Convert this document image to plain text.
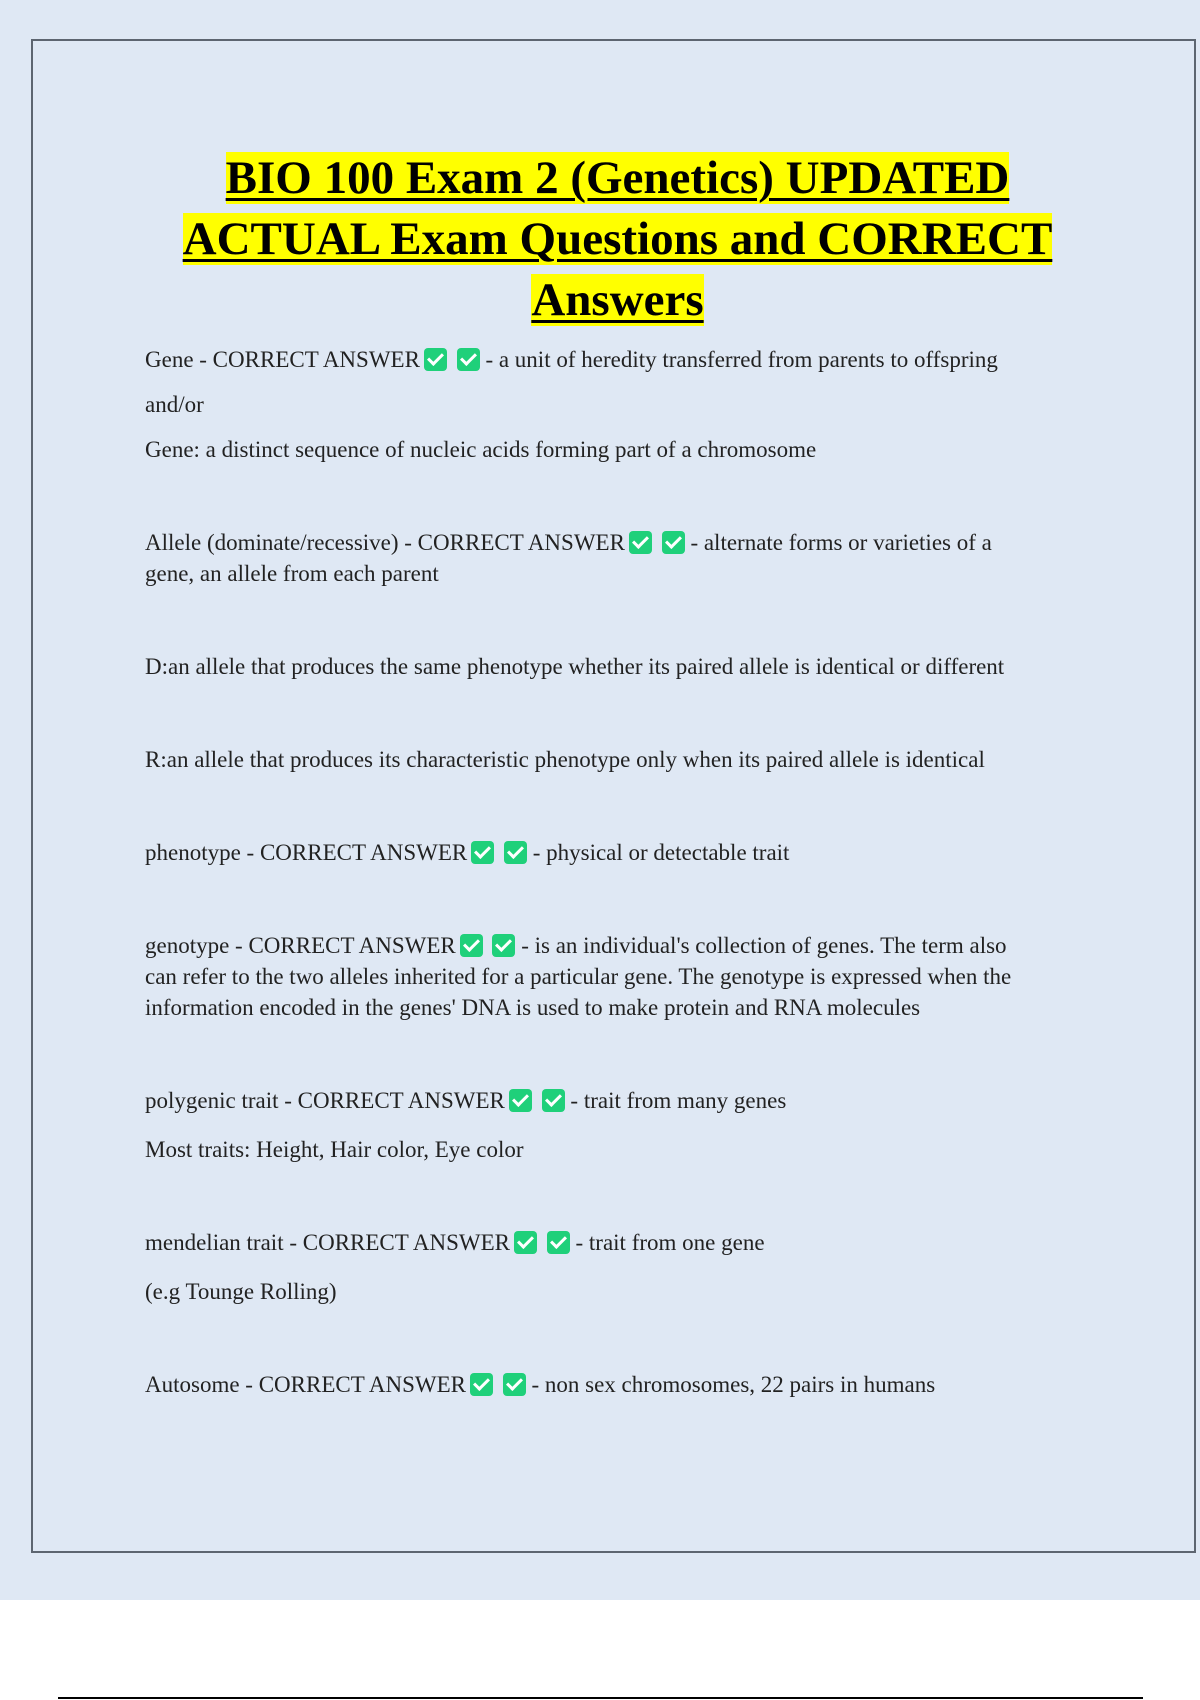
BIO 100 Exam 2 (Genetics) UPDATED
ACTUAL Exam Questions and CORRECT
Answers

Gene - CORRECT ANSWER	- a unit of heredity transferred from parents to offspring

and/or

Gene: a distinct sequence of nucleic acids forming part of a chromosome

Allele (dominate/recessive) - CORRECT ANSWER	- alternate forms or varieties of a

gene, an allele from each parent

D:an allele that produces the same phenotype whether its paired allele is identical or different

R:an allele that produces its characteristic phenotype only when its paired allele is identical

phenotype - CORRECT ANSWER	- physical or detectable trait

genotype - CORRECT ANSWER	- is an individual's collection of genes. The term also

can refer to the two alleles inherited for a particular gene. The genotype is expressed when the

information encoded in the genes' DNA is used to make protein and RNA molecules

polygenic trait - CORRECT ANSWER	- trait from many genes

Most traits: Height, Hair color, Eye color

mendelian trait - CORRECT ANSWER	- trait from one gene

(e.g Tounge Rolling)

Autosome - CORRECT ANSWER	- non sex chromosomes, 22 pairs in humans
